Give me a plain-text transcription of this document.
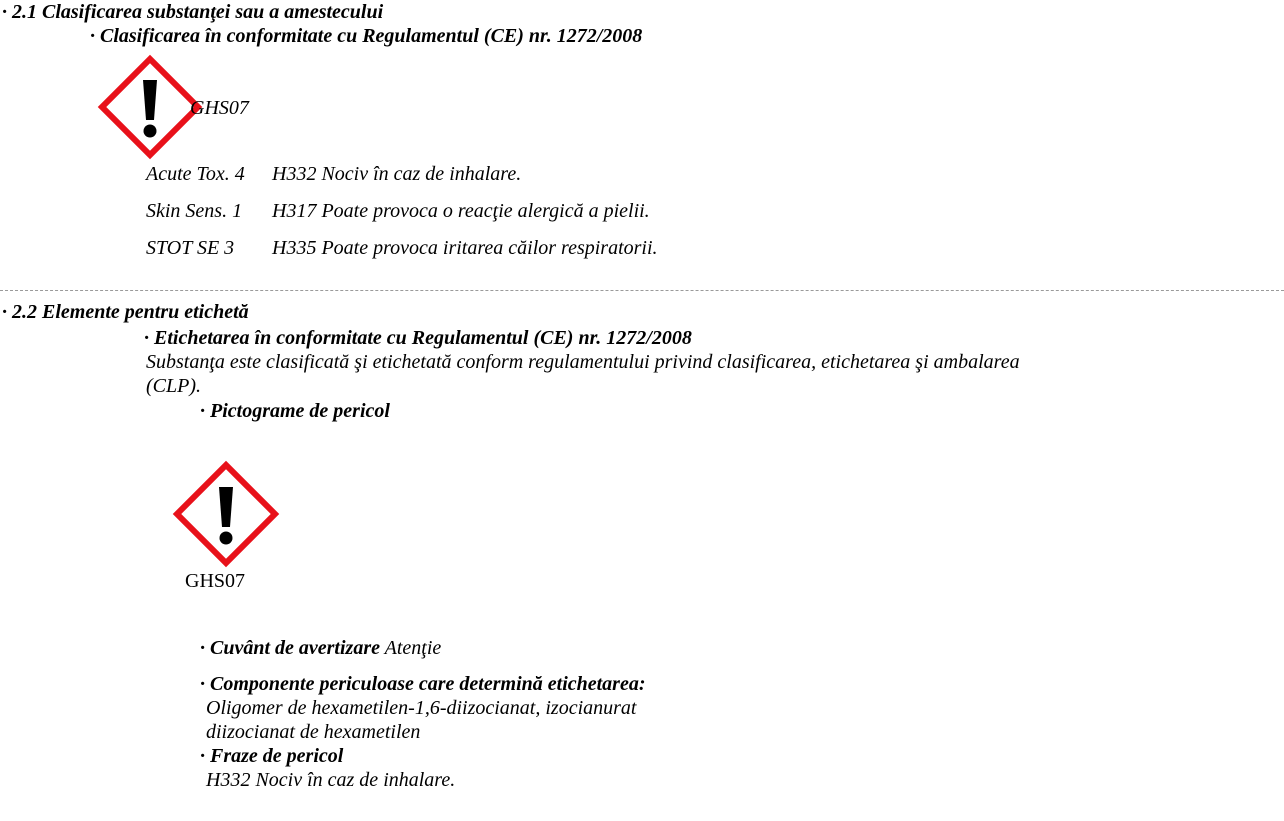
· 2.1 Clasificarea substanţei sau a amestecului
· Clasificarea în conformitate cu Regulamentul (CE) nr. 1272/2008
GHS07
Acute Tox. 4 H332 Nociv în caz de inhalare.
Skin Sens. 1 H317 Poate provoca o reacţie alergică a pielii.
STOT SE 3 H335 Poate provoca iritarea căilor respiratorii.
· 2.2 Elemente pentru etichetă
· Etichetarea în conformitate cu Regulamentul (CE) nr. 1272/2008
Substanţa este clasificată şi etichetată conform regulamentului privind clasificarea, etichetarea şi ambalarea
(CLP).
· Pictograme de pericol
GHS07
· Cuvânt de avertizare Atenţie
· Componente periculoase care determină etichetarea:
Oligomer de hexametilen-1,6-diizocianat, izocianurat
diizocianat de hexametilen
· Fraze de pericol
H332 Nociv în caz de inhalare.
